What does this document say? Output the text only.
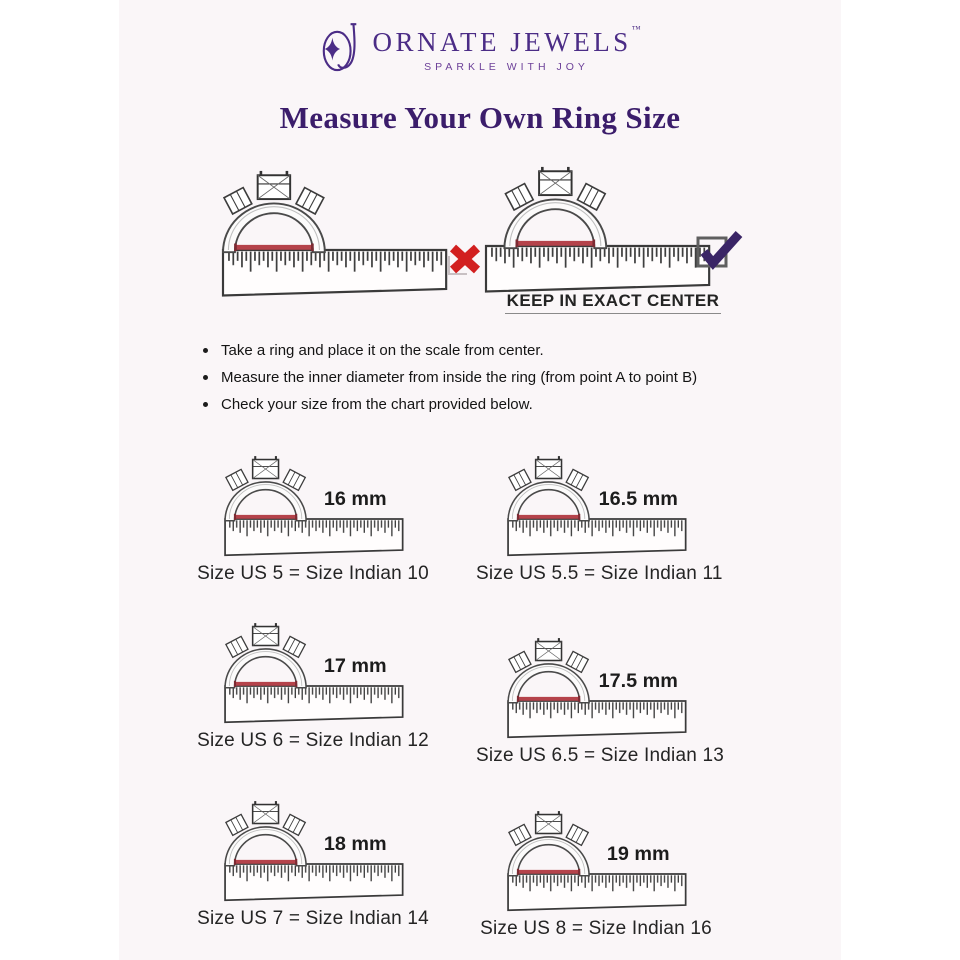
ORNATE JEWELS™
SPARKLE WITH JOY
Measure Your Own Ring Size
KEEP IN EXACT CENTER
Take a ring and place it on the scale from center.
Measure the inner diameter from inside the ring (from point A to point B)
Check your size from the chart provided below.
16 mm
Size US 5 = Size Indian 10
16.5 mm
Size US 5.5 = Size Indian 11
17 mm
Size US 6 = Size Indian 12
17.5 mm
Size US 6.5 = Size Indian 13
18 mm
Size US 7 = Size Indian 14
19 mm
Size US 8 = Size Indian 16
